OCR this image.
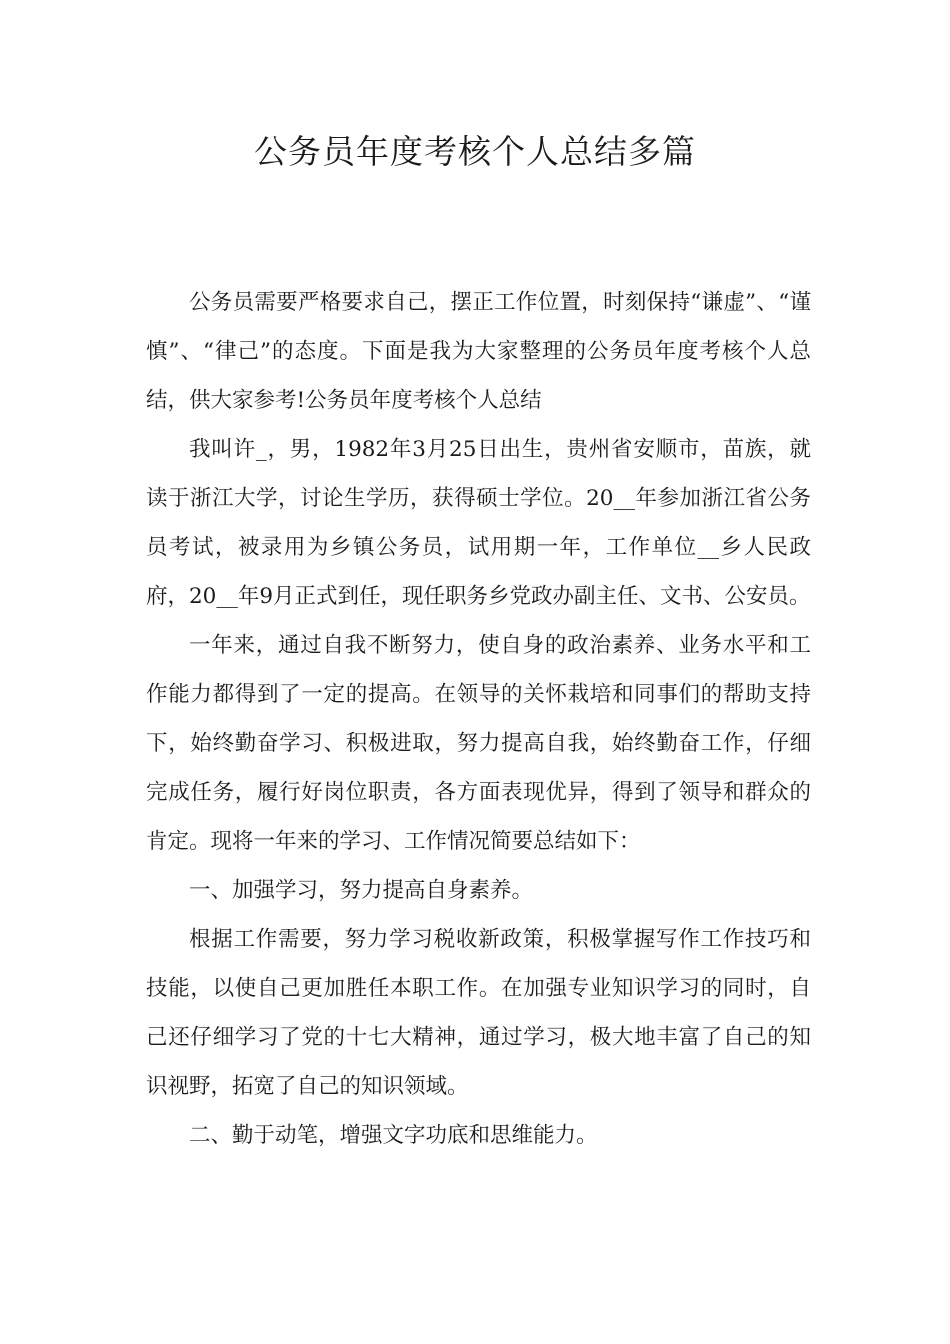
公务员年度考核个人总结多篇

公务员需要严格要求自己，摆正工作位置，时刻保持“谦虚”、“谨慎”、“律己”的态度。下面是我为大家整理的公务员年度考核个人总结，供大家参考!公务员年度考核个人总结

我叫许_，男，1982年3月25日出生，贵州省安顺市，苗族，就读于浙江大学，讨论生学历，获得硕士学位。20__年参加浙江省公务员考试，被录用为乡镇公务员，试用期一年，工作单位__乡人民政府，20__年9月正式到任，现任职务乡党政办副主任、文书、公安员。

一年来，通过自我不断努力，使自身的政治素养、业务水平和工作能力都得到了一定的提高。在领导的关怀栽培和同事们的帮助支持下，始终勤奋学习、积极进取，努力提高自我，始终勤奋工作，仔细完成任务，履行好岗位职责，各方面表现优异，得到了领导和群众的肯定。现将一年来的学习、工作情况简要总结如下：

一、加强学习，努力提高自身素养。

根据工作需要，努力学习税收新政策，积极掌握写作工作技巧和技能，以使自己更加胜任本职工作。在加强专业知识学习的同时，自己还仔细学习了党的十七大精神，通过学习，极大地丰富了自己的知识视野，拓宽了自己的知识领域。

二、勤于动笔，增强文字功底和思维能力。
